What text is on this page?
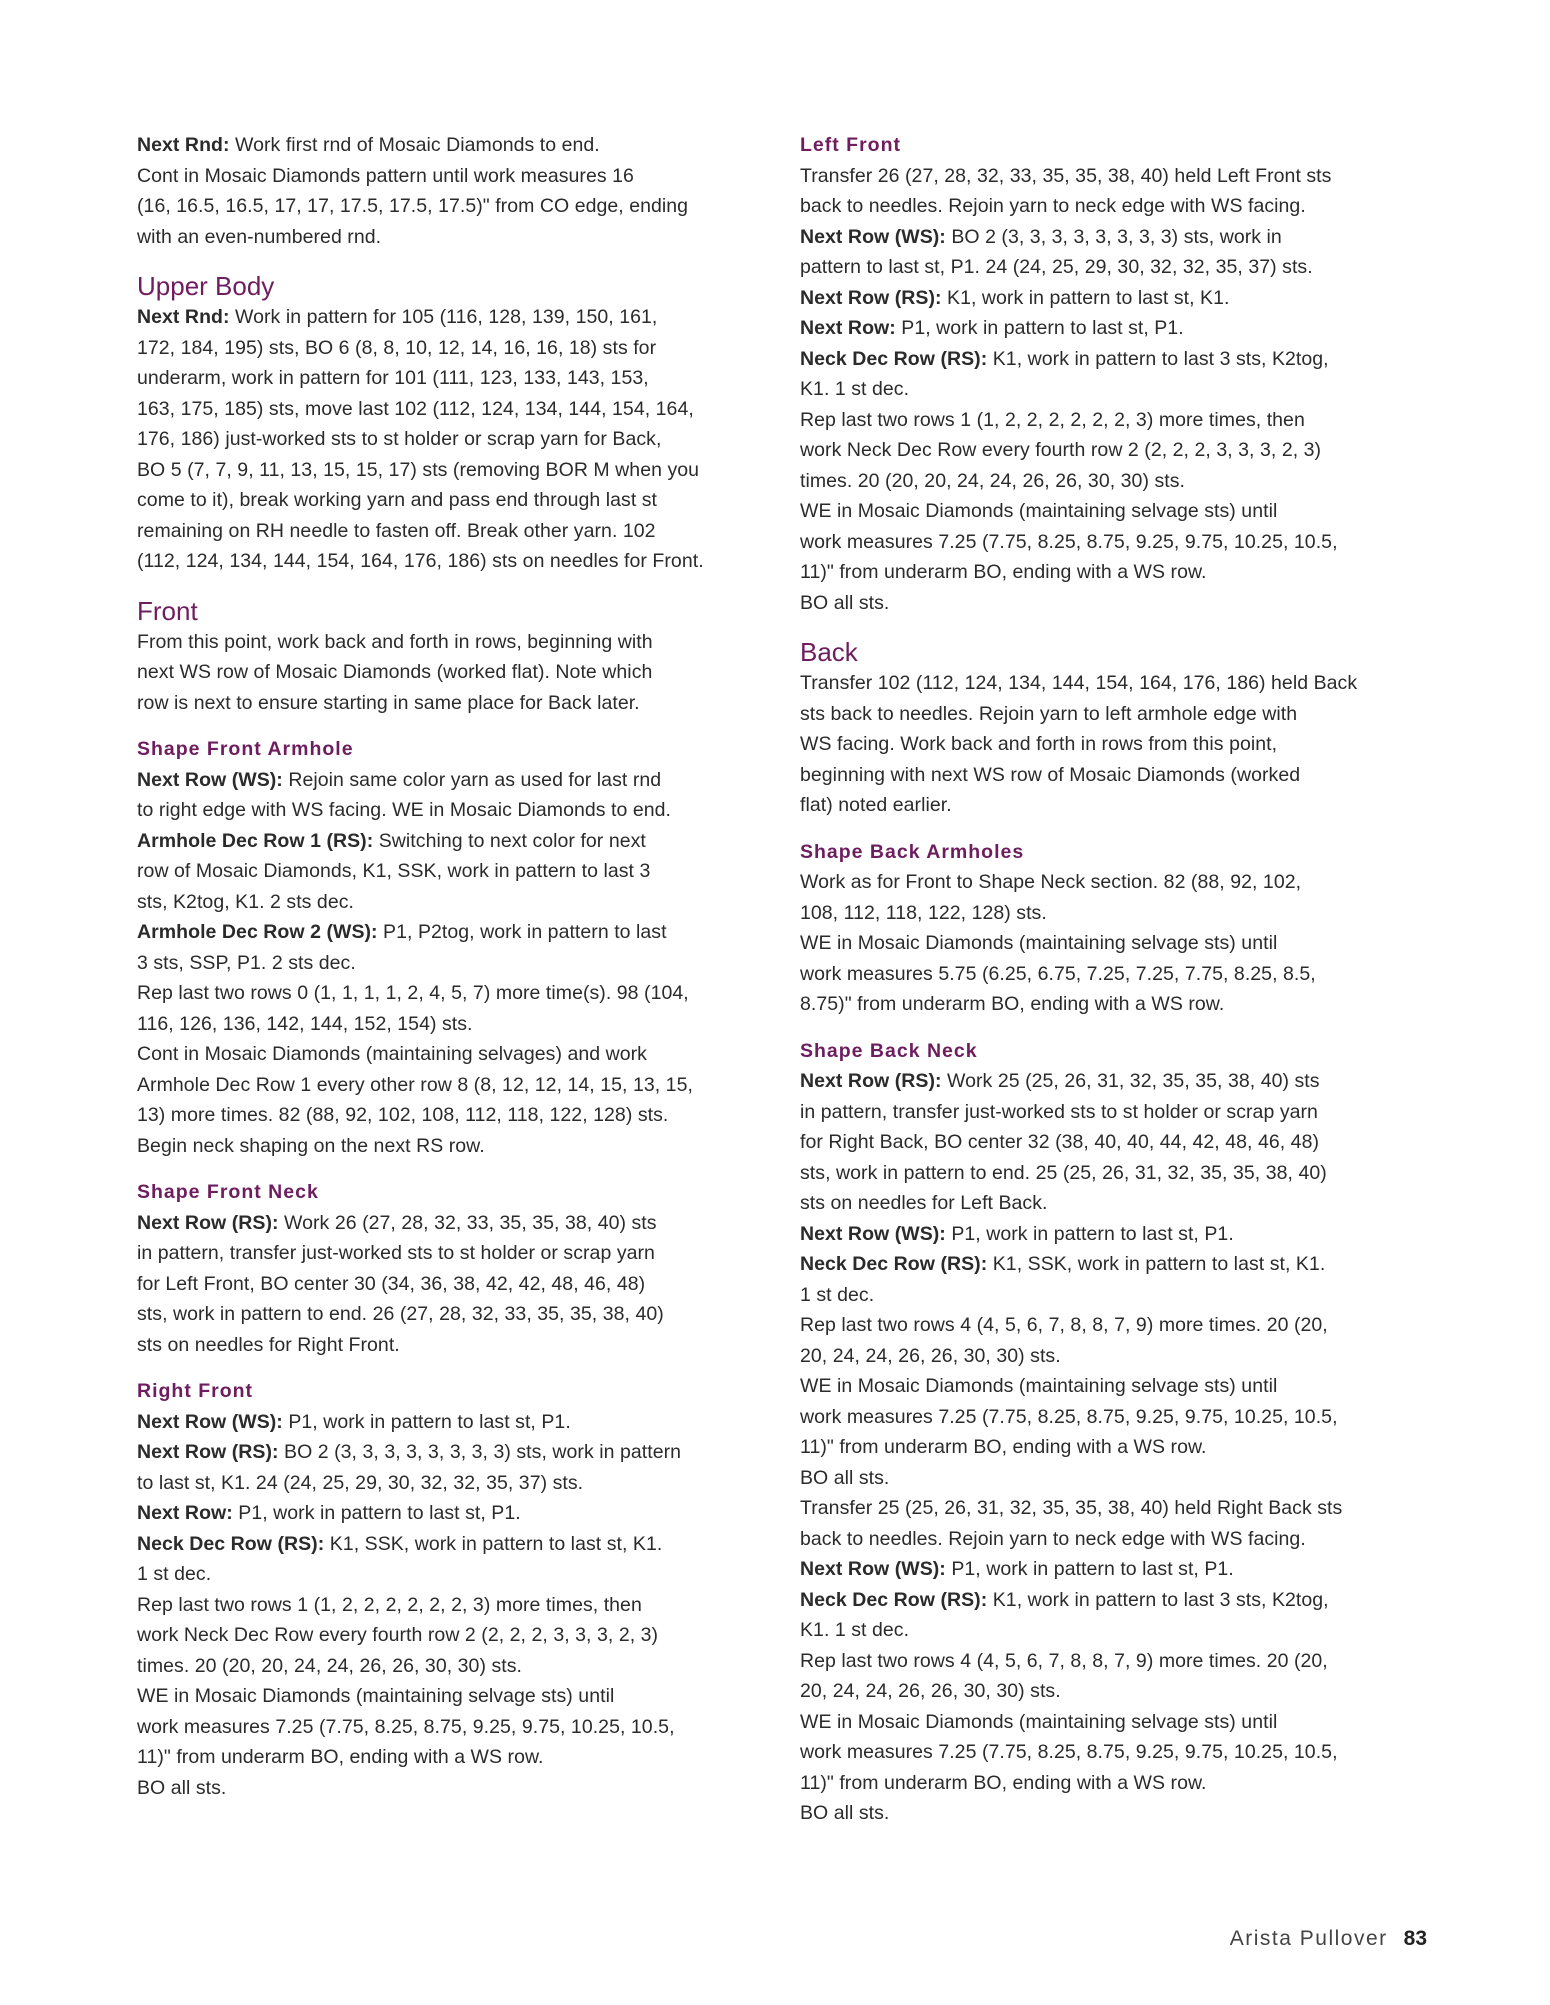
Next Rnd: Work first rnd of Mosaic Diamonds to end.
Cont in Mosaic Diamonds pattern until work measures 16
(16, 16.5, 16.5, 17, 17, 17.5, 17.5, 17.5)" from CO edge, ending
with an even-numbered rnd.
Upper Body
Next Rnd: Work in pattern for 105 (116, 128, 139, 150, 161,
172, 184, 195) sts, BO 6 (8, 8, 10, 12, 14, 16, 16, 18) sts for
underarm, work in pattern for 101 (111, 123, 133, 143, 153,
163, 175, 185) sts, move last 102 (112, 124, 134, 144, 154, 164,
176, 186) just-worked sts to st holder or scrap yarn for Back,
BO 5 (7, 7, 9, 11, 13, 15, 15, 17) sts (removing BOR M when you
come to it), break working yarn and pass end through last st
remaining on RH needle to fasten off. Break other yarn. 102
(112, 124, 134, 144, 154, 164, 176, 186) sts on needles for Front.
Front
From this point, work back and forth in rows, beginning with
next WS row of Mosaic Diamonds (worked flat). Note which
row is next to ensure starting in same place for Back later.
Shape Front Armhole
Next Row (WS): Rejoin same color yarn as used for last rnd
to right edge with WS facing. WE in Mosaic Diamonds to end.
Armhole Dec Row 1 (RS): Switching to next color for next
row of Mosaic Diamonds, K1, SSK, work in pattern to last 3
sts, K2tog, K1. 2 sts dec.
Armhole Dec Row 2 (WS): P1, P2tog, work in pattern to last
3 sts, SSP, P1. 2 sts dec.
Rep last two rows 0 (1, 1, 1, 1, 2, 4, 5, 7) more time(s). 98 (104,
116, 126, 136, 142, 144, 152, 154) sts.
Cont in Mosaic Diamonds (maintaining selvages) and work
Armhole Dec Row 1 every other row 8 (8, 12, 12, 14, 15, 13, 15,
13) more times. 82 (88, 92, 102, 108, 112, 118, 122, 128) sts.
Begin neck shaping on the next RS row.
Shape Front Neck
Next Row (RS): Work 26 (27, 28, 32, 33, 35, 35, 38, 40) sts
in pattern, transfer just-worked sts to st holder or scrap yarn
for Left Front, BO center 30 (34, 36, 38, 42, 42, 48, 46, 48)
sts, work in pattern to end. 26 (27, 28, 32, 33, 35, 35, 38, 40)
sts on needles for Right Front.
Right Front
Next Row (WS): P1, work in pattern to last st, P1.
Next Row (RS): BO 2 (3, 3, 3, 3, 3, 3, 3, 3) sts, work in pattern
to last st, K1. 24 (24, 25, 29, 30, 32, 32, 35, 37) sts.
Next Row: P1, work in pattern to last st, P1.
Neck Dec Row (RS): K1, SSK, work in pattern to last st, K1.
1 st dec.
Rep last two rows 1 (1, 2, 2, 2, 2, 2, 2, 3) more times, then
work Neck Dec Row every fourth row 2 (2, 2, 2, 3, 3, 3, 2, 3)
times. 20 (20, 20, 24, 24, 26, 26, 30, 30) sts.
WE in Mosaic Diamonds (maintaining selvage sts) until
work measures 7.25 (7.75, 8.25, 8.75, 9.25, 9.75, 10.25, 10.5,
11)" from underarm BO, ending with a WS row.
BO all sts.
Left Front
Transfer 26 (27, 28, 32, 33, 35, 35, 38, 40) held Left Front sts
back to needles. Rejoin yarn to neck edge with WS facing.
Next Row (WS): BO 2 (3, 3, 3, 3, 3, 3, 3, 3) sts, work in
pattern to last st, P1. 24 (24, 25, 29, 30, 32, 32, 35, 37) sts.
Next Row (RS): K1, work in pattern to last st, K1.
Next Row: P1, work in pattern to last st, P1.
Neck Dec Row (RS): K1, work in pattern to last 3 sts, K2tog,
K1. 1 st dec.
Rep last two rows 1 (1, 2, 2, 2, 2, 2, 2, 3) more times, then
work Neck Dec Row every fourth row 2 (2, 2, 2, 3, 3, 3, 2, 3)
times. 20 (20, 20, 24, 24, 26, 26, 30, 30) sts.
WE in Mosaic Diamonds (maintaining selvage sts) until
work measures 7.25 (7.75, 8.25, 8.75, 9.25, 9.75, 10.25, 10.5,
11)" from underarm BO, ending with a WS row.
BO all sts.
Back
Transfer 102 (112, 124, 134, 144, 154, 164, 176, 186) held Back
sts back to needles. Rejoin yarn to left armhole edge with
WS facing. Work back and forth in rows from this point,
beginning with next WS row of Mosaic Diamonds (worked
flat) noted earlier.
Shape Back Armholes
Work as for Front to Shape Neck section. 82 (88, 92, 102,
108, 112, 118, 122, 128) sts.
WE in Mosaic Diamonds (maintaining selvage sts) until
work measures 5.75 (6.25, 6.75, 7.25, 7.25, 7.75, 8.25, 8.5,
8.75)" from underarm BO, ending with a WS row.
Shape Back Neck
Next Row (RS): Work 25 (25, 26, 31, 32, 35, 35, 38, 40) sts
in pattern, transfer just-worked sts to st holder or scrap yarn
for Right Back, BO center 32 (38, 40, 40, 44, 42, 48, 46, 48)
sts, work in pattern to end. 25 (25, 26, 31, 32, 35, 35, 38, 40)
sts on needles for Left Back.
Next Row (WS): P1, work in pattern to last st, P1.
Neck Dec Row (RS): K1, SSK, work in pattern to last st, K1.
1 st dec.
Rep last two rows 4 (4, 5, 6, 7, 8, 8, 7, 9) more times. 20 (20,
20, 24, 24, 26, 26, 30, 30) sts.
WE in Mosaic Diamonds (maintaining selvage sts) until
work measures 7.25 (7.75, 8.25, 8.75, 9.25, 9.75, 10.25, 10.5,
11)" from underarm BO, ending with a WS row.
BO all sts.
Transfer 25 (25, 26, 31, 32, 35, 35, 38, 40) held Right Back sts
back to needles. Rejoin yarn to neck edge with WS facing.
Next Row (WS): P1, work in pattern to last st, P1.
Neck Dec Row (RS): K1, work in pattern to last 3 sts, K2tog,
K1. 1 st dec.
Rep last two rows 4 (4, 5, 6, 7, 8, 8, 7, 9) more times. 20 (20,
20, 24, 24, 26, 26, 30, 30) sts.
WE in Mosaic Diamonds (maintaining selvage sts) until
work measures 7.25 (7.75, 8.25, 8.75, 9.25, 9.75, 10.25, 10.5,
11)" from underarm BO, ending with a WS row.
BO all sts.
Arista Pullover 83
